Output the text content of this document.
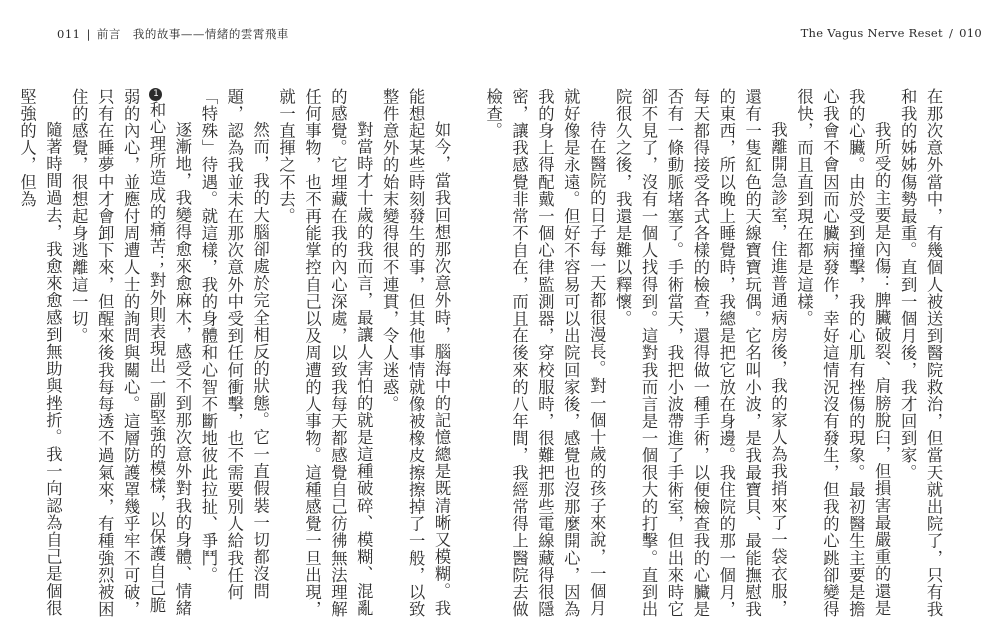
011 | 前言　我的故事——情緒的雲霄飛車	The Vagus Nerve Reset / 010

在那次意外當中，有幾個人被送到醫院救治，但當天就出院了，只有我和我的姊姊傷勢最重。直到一個月後，我才回到家。

我所受的主要是內傷：脾臟破裂、肩膀脫臼，但損害最嚴重的還是我的心臟。由於受到撞擊，我的心肌有挫傷的現象。最初醫生主要是擔心我會不會因而心臟病發作，幸好這情況沒有發生，但我的心跳卻變得很快，而且直到現在都是這樣。

我離開急診室，住進普通病房後，我的家人為我捎來了一袋衣服，還有一隻紅色的天線寶寶玩偶。它名叫小波，是我最寶貝、最能撫慰我的東西，所以晚上睡覺時，我總是把它放在身邊。我住院的那一個月，每天都得接受各式各樣的檢查，還得做一種手術，以便檢查我的心臟是否有一條動脈堵塞了。手術當天，我把小波帶進了手術室，但出來時它卻不見了，沒有一個人找得到。這對我而言是一個很大的打擊。直到出院很久之後，我還是難以釋懷。

待在醫院的日子每一天都很漫長。對一個十歲的孩子來說，一個月就好像是永遠。但好不容易可以出院回家後，感覺也沒那麼開心，因為我的身上得配戴一個心律監測器，穿校服時，很難把那些電線藏得很隱密，讓我感覺非常不自在，而且在後來的八年間，我經常得上醫院去做檢查。

如今，當我回想那次意外時，腦海中的記憶總是既清晰又模糊。我能想起某些時刻發生的事，但其他事情就像被橡皮擦擦掉了一般，以致整件意外的始末變得很不連貫，令人迷惑。

對當時才十歲的我而言，最讓人害怕的就是這種破碎、模糊、混亂的感覺。它埋藏在我的內心深處，以致我每天都感覺自己彷彿無法理解任何事物，也不再能掌控自己以及周遭的人事物。這種感覺一旦出現，就一直揮之不去。

然而，我的大腦卻處於完全相反的狀態。它一直假裝一切都沒問題，認為我並未在那次意外中受到任何衝擊，也不需要別人給我任何「特殊」待遇。就這樣，我的身體和心智不斷地彼此拉扯、爭鬥。

逐漸地，我變得愈來愈麻木，感受不到那次意外對我的身體、情緒1和心理所造成的痛苦；對外則表現出一副堅強的模樣，以保護自己脆弱的內心，並應付周遭人士的詢問與關心。這層防護罩幾乎牢不可破，只有在睡夢中才會卸下來，但醒來後我每每透不過氣來，有種強烈被困住的感覺，很想起身逃離這一切。

隨著時間過去，我愈來愈感到無助與挫折。我一向認為自己是個很堅強的人，但為
